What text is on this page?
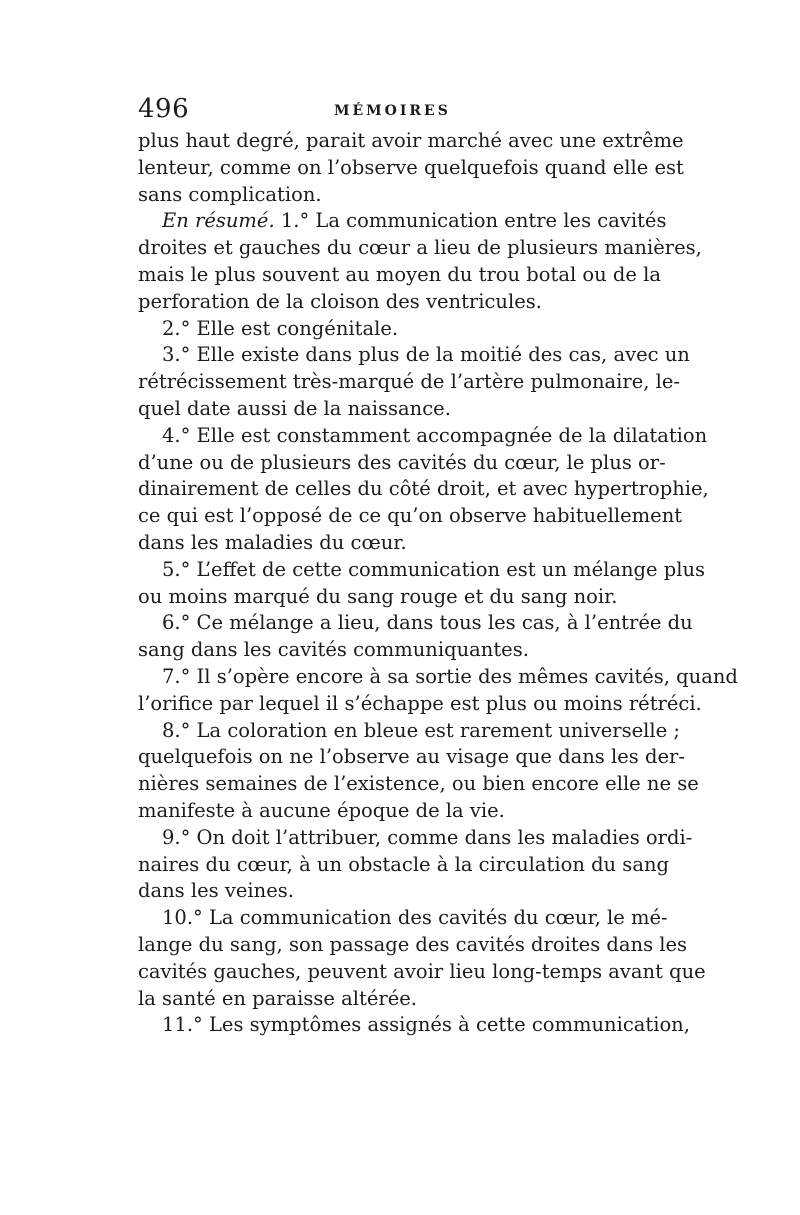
496	MÉMOIRES
plus haut degré, parait avoir marché avec une extrême
lenteur, comme on l’observe quelquefois quand elle est
sans complication.
En résumé. 1.° La communication entre les cavités
droites et gauches du cœur a lieu de plusieurs manières,
mais le plus souvent au moyen du trou botal ou de la
perforation de la cloison des ventricules.
2.° Elle est congénitale.
3.° Elle existe dans plus de la moitié des cas, avec un
rétrécissement très-marqué de l’artère pulmonaire, le-
quel date aussi de la naissance.
4.° Elle est constamment accompagnée de la dilatation
d’une ou de plusieurs des cavités du cœur, le plus or-
dinairement de celles du côté droit, et avec hypertrophie,
ce qui est l’opposé de ce qu’on observe habituellement
dans les maladies du cœur.
5.° L’effet de cette communication est un mélange plus
ou moins marqué du sang rouge et du sang noir.
6.° Ce mélange a lieu, dans tous les cas, à l’entrée du
sang dans les cavités communiquantes.
7.° Il s’opère encore à sa sortie des mêmes cavités, quand
l’orifice par lequel il s’échappe est plus ou moins rétréci.
8.° La coloration en bleue est rarement universelle ;
quelquefois on ne l’observe au visage que dans les der-
nières semaines de l’existence, ou bien encore elle ne se
manifeste à aucune époque de la vie.
9.° On doit l’attribuer, comme dans les maladies ordi-
naires du cœur, à un obstacle à la circulation du sang
dans les veines.
10.° La communication des cavités du cœur, le mé-
lange du sang, son passage des cavités droites dans les
cavités gauches, peuvent avoir lieu long-temps avant que
la santé en paraisse altérée.
11.° Les symptômes assignés à cette communication,
